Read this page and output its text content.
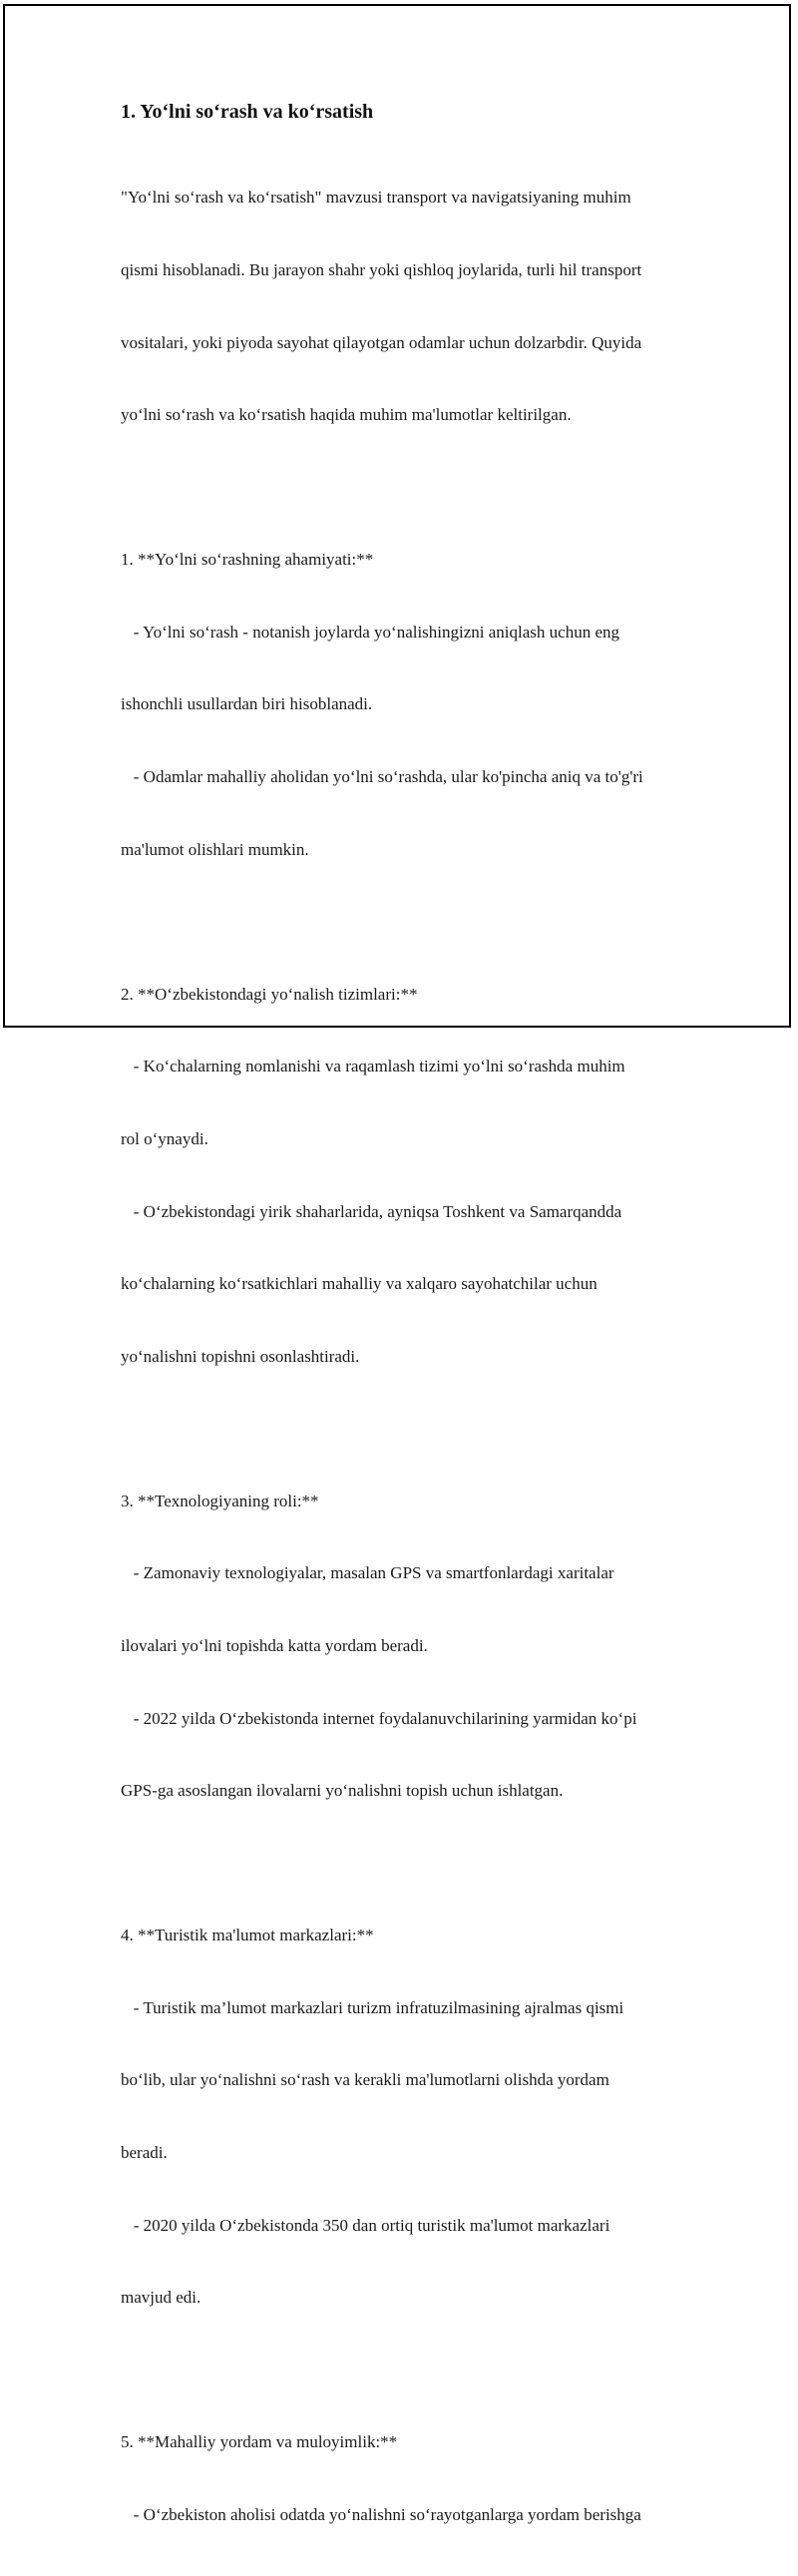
1. Yo‘lni so‘rash va ko‘rsatish

"Yo‘lni so‘rash va ko‘rsatish" mavzusi transport va navigatsiyaning muhim

qismi hisoblanadi. Bu jarayon shahr yoki qishloq joylarida, turli hil transport

vositalari, yoki piyoda sayohat qilayotgan odamlar uchun dolzarbdir. Quyida

yo‘lni so‘rash va ko‘rsatish haqida muhim ma'lumotlar keltirilgan.

1. **Yo‘lni so‘rashning ahamiyati:**

- Yo‘lni so‘rash - notanish joylarda yo‘nalishingizni aniqlash uchun eng

ishonchli usullardan biri hisoblanadi.

- Odamlar mahalliy aholidan yo‘lni so‘rashda, ular ko'pincha aniq va to'g'ri

ma'lumot olishlari mumkin.

2. **O‘zbekistondagi yo‘nalish tizimlari:**

- Ko‘chalarning nomlanishi va raqamlash tizimi yo‘lni so‘rashda muhim

rol o‘ynaydi.

- O‘zbekistondagi yirik shaharlarida, ayniqsa Toshkent va Samarqandda

ko‘chalarning ko‘rsatkichlari mahalliy va xalqaro sayohatchilar uchun

yo‘nalishni topishni osonlashtiradi.

3. **Texnologiyaning roli:**

- Zamonaviy texnologiyalar, masalan GPS va smartfonlardagi xaritalar

ilovalari yo‘lni topishda katta yordam beradi.

- 2022 yilda O‘zbekistonda internet foydalanuvchilarining yarmidan ko‘pi

GPS-ga asoslangan ilovalarni yo‘nalishni topish uchun ishlatgan.

4. **Turistik ma'lumot markazlari:**

- Turistik ma’lumot markazlari turizm infratuzilmasining ajralmas qismi

bo‘lib, ular yo‘nalishni so‘rash va kerakli ma'lumotlarni olishda yordam

beradi.

- 2020 yilda O‘zbekistonda 350 dan ortiq turistik ma'lumot markazlari

mavjud edi.

5. **Mahalliy yordam va muloyimlik:**

- O‘zbekiston aholisi odatda yo‘nalishni so‘rayotganlarga yordam berishga
